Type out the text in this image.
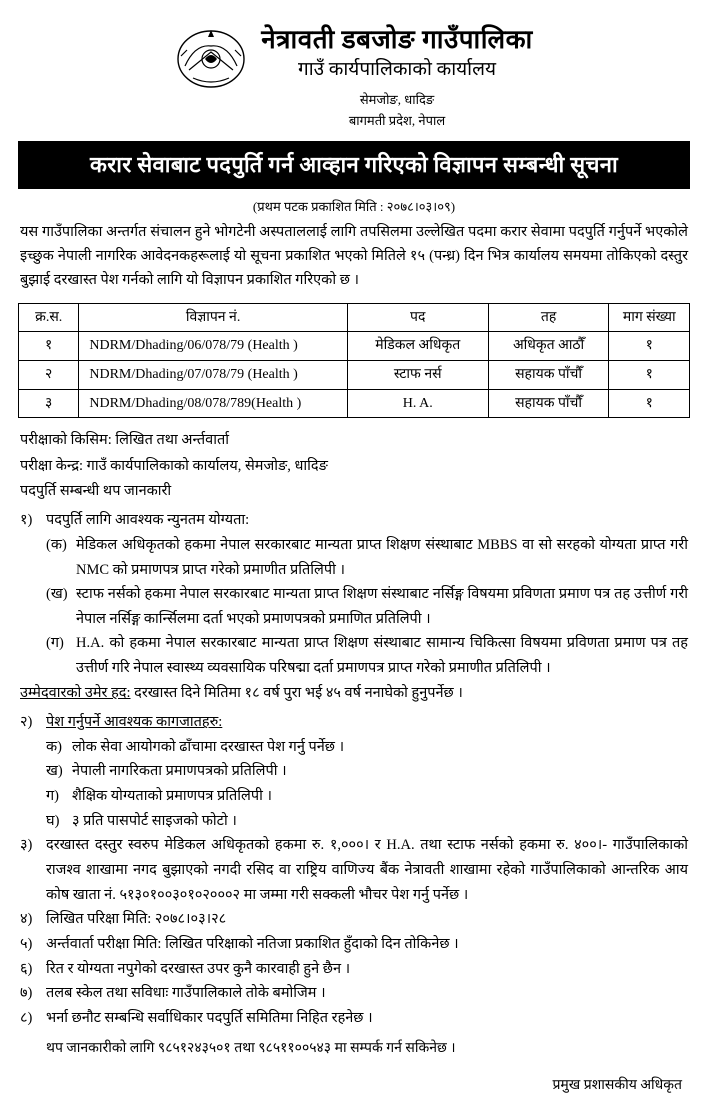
नेत्रावती डबजोङ गाउँपालिका
गाउँ कार्यपालिकाको कार्यालय
सेमजोङ, धादिङ
बागमती प्रदेश, नेपाल
करार सेवाबाट पदपुर्ति गर्न आव्हान गरिएको विज्ञापन सम्बन्धी सूचना
(प्रथम पटक प्रकाशित मिति : २०७८।०३।०९)
यस गाउँपालिका अन्तर्गत संचालन हुने भोगटेनी अस्पताललाई लागि तपसिलमा उल्लेखित पदमा करार सेवामा पदपुर्ति गर्नुपर्ने भएकोले इच्छुक नेपाली नागरिक आवेदनकहरूलाई यो सूचना प्रकाशित भएको मितिले १५ (पन्ध्र) दिन भित्र कार्यालय समयमा तोकिएको दस्तुर बुझाई दरखास्त पेश गर्नको लागि यो विज्ञापन प्रकाशित गरिएको छ ।
क्र.स.	विज्ञापन नं.	पद	तह	माग संख्या
१	NDRM/Dhading/06/078/79 (Health )	मेडिकल अधिकृत	अधिकृत आठौँ	१
२	NDRM/Dhading/07/078/79 (Health )	स्टाफ नर्स	सहायक पाँचौँ	१
३	NDRM/Dhading/08/078/789(Health )	H. A.	सहायक पाँचौँ	१
परीक्षाको किसिम: लिखित तथा अर्न्तवार्ता
परीक्षा केन्द्र: गाउँ कार्यपालिकाको कार्यालय, सेमजोङ, धादिङ
पदपुर्ति सम्बन्धी थप जानकारी
१) पदपुर्ति लागि आवश्यक न्युनतम योग्यता:
(क) मेडिकल अधिकृतको हकमा नेपाल सरकारबाट मान्यता प्राप्त शिक्षण संस्थाबाट MBBS वा सो सरहको योग्यता प्राप्त गरी NMC को प्रमाणपत्र प्राप्त गरेको प्रमाणीत प्रतिलिपी ।
(ख) स्टाफ नर्सको हकमा नेपाल सरकारबाट मान्यता प्राप्त शिक्षण संस्थाबाट नर्सिङ्ग विषयमा प्रविणता प्रमाण पत्र तह उत्तीर्ण गरी नेपाल नर्सिङ्ग कार्न्सिलमा दर्ता भएको प्रमाणपत्रको प्रमाणित प्रतिलिपी ।
(ग) H.A. को हकमा नेपाल सरकारबाट मान्यता प्राप्त शिक्षण संस्थाबाट सामान्य चिकित्सा विषयमा प्रविणता प्रमाण पत्र तह उत्तीर्ण गरि नेपाल स्वास्थ्य व्यवसायिक परिषद्मा दर्ता प्रमाणपत्र प्राप्त गरेको प्रमाणीत प्रतिलिपी ।
उम्मेदवारको उमेर हद: दरखास्त दिने मितिमा १८ वर्ष पुरा भई ४५ वर्ष ननाघेको हुनुपर्नेछ ।
२) पेश गर्नुपर्ने आवश्यक कागजातहरु:
क) लोक सेवा आयोगको ढाँचामा दरखास्त पेश गर्नु पर्नेछ ।
ख) नेपाली नागरिकता प्रमाणपत्रको प्रतिलिपी ।
ग) शैक्षिक योग्यताको प्रमाणपत्र प्रतिलिपी ।
घ) ३ प्रति पासपोर्ट साइजको फोटो ।
३) दरखास्त दस्तुर स्वरुप मेडिकल अधिकृतको हकमा रु. १,०००। र H.A. तथा स्टाफ नर्सको हकमा रु. ४००।- गाउँपालिकाको राजश्व शाखामा नगद बुझाएको नगदी रसिद वा राष्ट्रिय वाणिज्य बैंक नेत्रावती शाखामा रहेको गाउँपालिकाको आन्तरिक आय कोष खाता नं. ५१३०१००३०१०२०००२ मा जम्मा गरी सक्कली भौचर पेश गर्नु पर्नेछ ।
४) लिखित परिक्षा मिति: २०७८।०३।२८
५) अर्न्तवार्ता परीक्षा मिति: लिखित परिक्षाको नतिजा प्रकाशित हुँदाको दिन तोकिनेछ ।
६) रित र योग्यता नपुगेको दरखास्त उपर कुनै कारवाही हुने छैन ।
७) तलब स्केल तथा सविधाः गाउँपालिकाले तोके बमोजिम ।
८) भर्ना छनौट सम्बन्धि सर्वाधिकार पदपुर्ति समितिमा निहित रहनेछ ।
थप जानकारीको लागि ९८५१२४३५०१ तथा ९८५११००५४३ मा सम्पर्क गर्न सकिनेछ ।
प्रमुख प्रशासकीय अधिकृत
